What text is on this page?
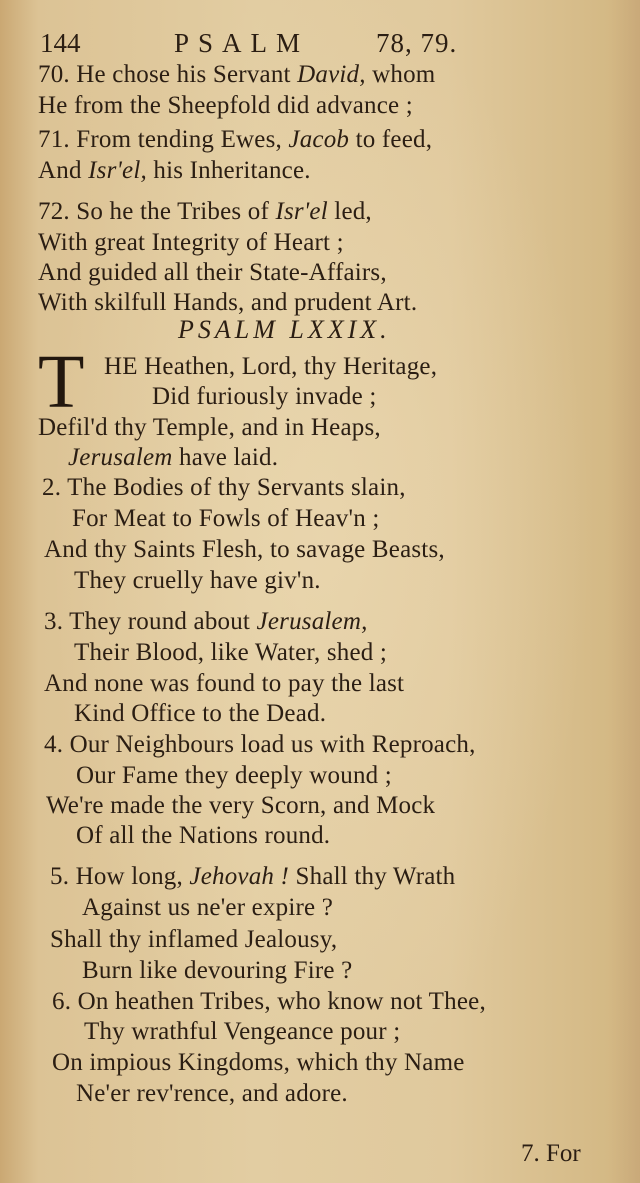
144	PSALM 78, 79.
70. He chose his Servant David, whom
He from the Sheepfold did advance ;
71. From tending Ewes, Jacob to feed,
And Isr'el, his Inheritance.
72. So he the Tribes of Isr'el led,
With great Integrity of Heart ;
And guided all their State-Affairs,
With skilfull Hands, and prudent Art.
PSALM LXXIX.
T HE Heathen, Lord, thy Heritage,
Did furiously invade ;
Defil'd thy Temple, and in Heaps,
Jerusalem have laid.
2. The Bodies of thy Servants slain,
For Meat to Fowls of Heav'n ;
And thy Saints Flesh, to savage Beasts,
They cruelly have giv'n.
3. They round about Jerusalem,
Their Blood, like Water, shed ;
And none was found to pay the last
Kind Office to the Dead.
4. Our Neighbours load us with Reproach,
Our Fame they deeply wound ;
We're made the very Scorn, and Mock
Of all the Nations round.
5. How long, Jehovah ! Shall thy Wrath
Against us ne'er expire ?
Shall thy inflamed Jealousy,
Burn like devouring Fire ?
6. On heathen Tribes, who know not Thee,
Thy wrathful Vengeance pour ;
On impious Kingdoms, which thy Name
Ne'er rev'rence, and adore.
7. For
